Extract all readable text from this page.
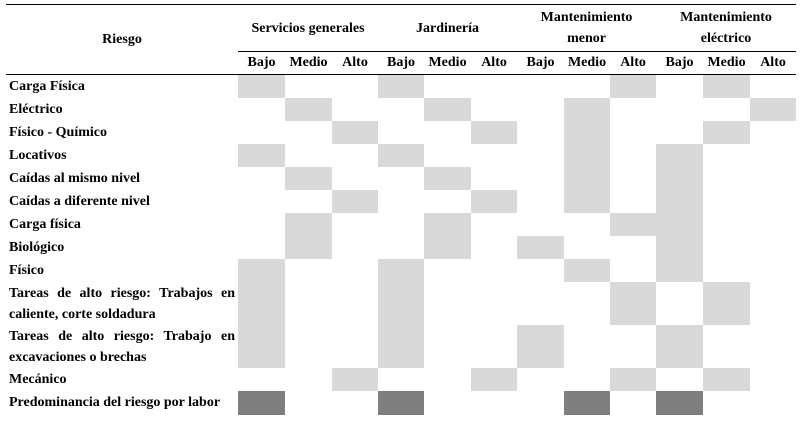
Riesgo	Servicios generales			Jardinería			Mantenimiento menor			Mantenimiento eléctrico		
	Bajo	Medio	Alto	Bajo	Medio	Alto	Bajo	Medio	Alto	Bajo	Medio	Alto
Carga Física												
Eléctrico												
Físico - Químico												
Locativos												
Caídas al mismo nivel												
Caídas a diferente nivel												
Carga física												
Biológico												
Físico												
Tareas de alto riesgo: Trabajos en caliente, corte soldadura												
Tareas de alto riesgo: Trabajo en excavaciones o brechas												
Mecánico												
Predominancia del riesgo por labor												
